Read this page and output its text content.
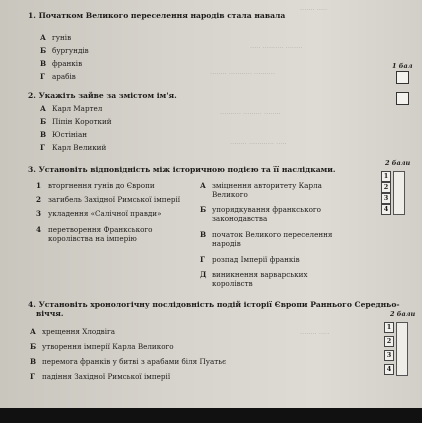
······· ·····
····· ·········· ········
········ ··········· ··········
·········· ········· ········
········ ············ ·····
········ ·····
1. Початком Великого переселення народів стала навала
А гунів
Б бургундів
В франків
Г арабів
1 бал
2. Укажіть зайве за змістом ім'я.
А Карл Мартел
Б Піпін Короткий
В Юстініан
Г Карл Великий
3. Установіть відповідність між історичною подією та її наслідками.
2 бали
1 вторгнення гунів до Європи
2 загибель Західної Римської імперії
3 укладення «Салічної правди»
4 перетворення Франкського
королівства на імперію
А зміцнення авторитету Карла
Великого
Б упорядкування франкського
законодавства
В початок Великого переселення
народів
Г розпад Імперії франків
Д виникнення варварських
королівств
1
2
3
4
4. Установіть хронологічну послідовність подій історії Європи Раннього Середньо-
віччя.	2 бали
А хрещення Хлодвіга
Б утворення імперії Карла Великого
В перемога франків у битві з арабами біля Пуатьє
Г падіння Західної Римської імперії
1
2
3
4
